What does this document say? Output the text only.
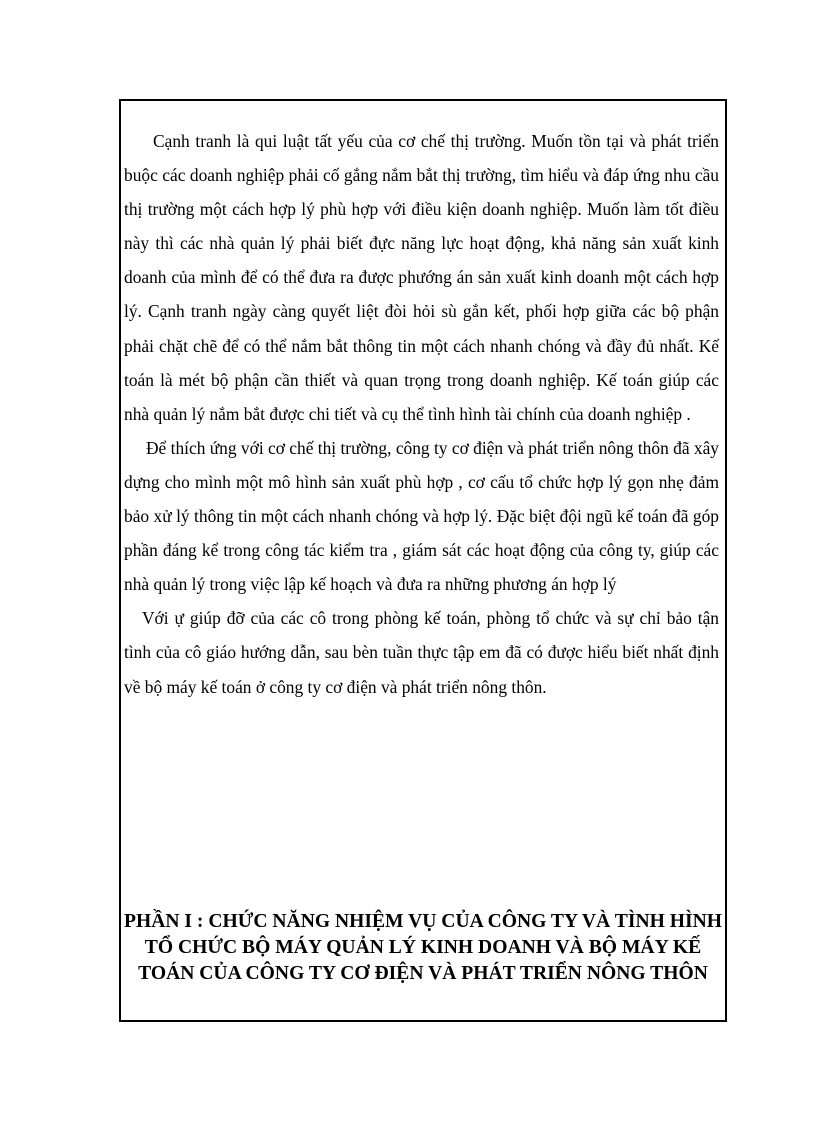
Cạnh tranh là qui luật tất yếu của cơ chế thị trường. Muốn tồn tại và phát triển buộc các doanh nghiệp phải cố gắng nắm bắt thị trường, tìm hiểu và đáp ứng nhu cầu thị trường một cách hợp lý phù hợp với điều kiện doanh nghiệp. Muốn làm tốt điều này thì các nhà quản lý phải biết đực năng lực hoạt động, khả năng sản xuất kinh doanh của mình để có thể đưa ra được phướng án sản xuất kinh doanh một cách hợp lý. Cạnh tranh ngày càng quyết liệt đòi hỏi sù gắn kết, phối hợp giữa các bộ phận phải chặt chẽ để có thể nắm bắt thông tin một cách nhanh chóng và đầy đủ nhất. Kế toán là mét bộ phận cần thiết và quan trọng trong doanh nghiệp. Kế toán giúp các nhà quản lý nắm bắt được chi tiết và cụ thể tình hình tài chính của doanh nghiệp .

Để thích ứng với cơ chế thị trường, công ty cơ điện và phát triển nông thôn đã xây dựng cho mình một mô hình sản xuất phù hợp , cơ cấu tổ chức hợp lý gọn nhẹ đảm bảo xử lý thông tin một cách nhanh chóng và hợp lý. Đặc biệt đội ngũ kế toán đã góp phần đáng kể trong công tác kiểm tra , giám sát các hoạt động của công ty, giúp các nhà quản lý trong việc lập kế hoạch và đưa ra những phương án hợp lý

Với ự giúp đỡ của các cô trong phòng kế toán, phòng tổ chức và sự chỉ bảo tận tình của cô giáo hướng dẫn, sau bèn tuần thực tập em đã có được hiểu biết nhất định về bộ máy kế toán ở công ty cơ điện và phát triển nông thôn.

PHẦN I : CHỨC NĂNG NHIỆM VỤ CỦA CÔNG TY VÀ TÌNH HÌNH TỔ CHỨC BỘ MÁY QUẢN LÝ KINH DOANH VÀ BỘ MÁY KẾ TOÁN CỦA CÔNG TY CƠ ĐIỆN VÀ PHÁT TRIỂN NÔNG THÔN
